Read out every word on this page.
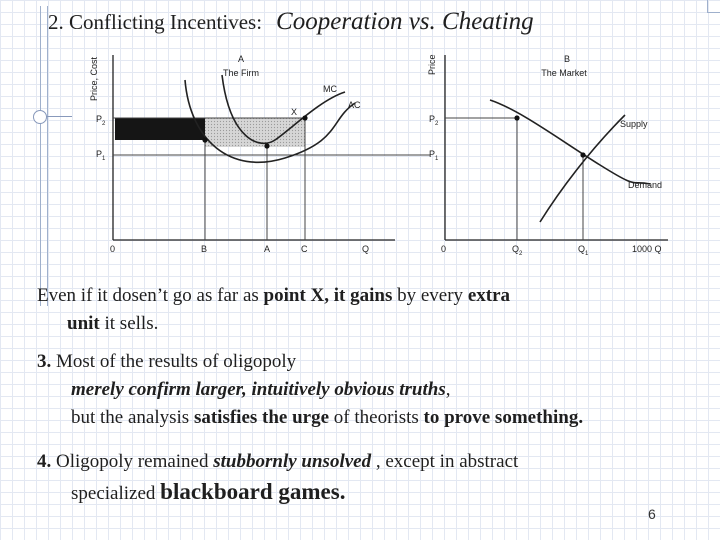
2. Conflicting Incentives: Cooperation vs. Cheating
A
The Firm
Price, Cost
$P_2$
$P_1$
MC
AC
X
0	B	A	C	Q
B
The Market
Price
$P_2$
$P_1$
Supply
Demand
0	$Q_2$	$Q_1$	1000 Q
Even if it dosen’t go as far as point X, it gains by every extra
unit it sells.
3. Most of the results of oligopoly
merely confirm larger, intuitively obvious truths,
but the analysis satisfies the urge of theorists to prove something.
4. Oligopoly remained stubbornly unsolved , except in abstract
specialized blackboard games.
6
